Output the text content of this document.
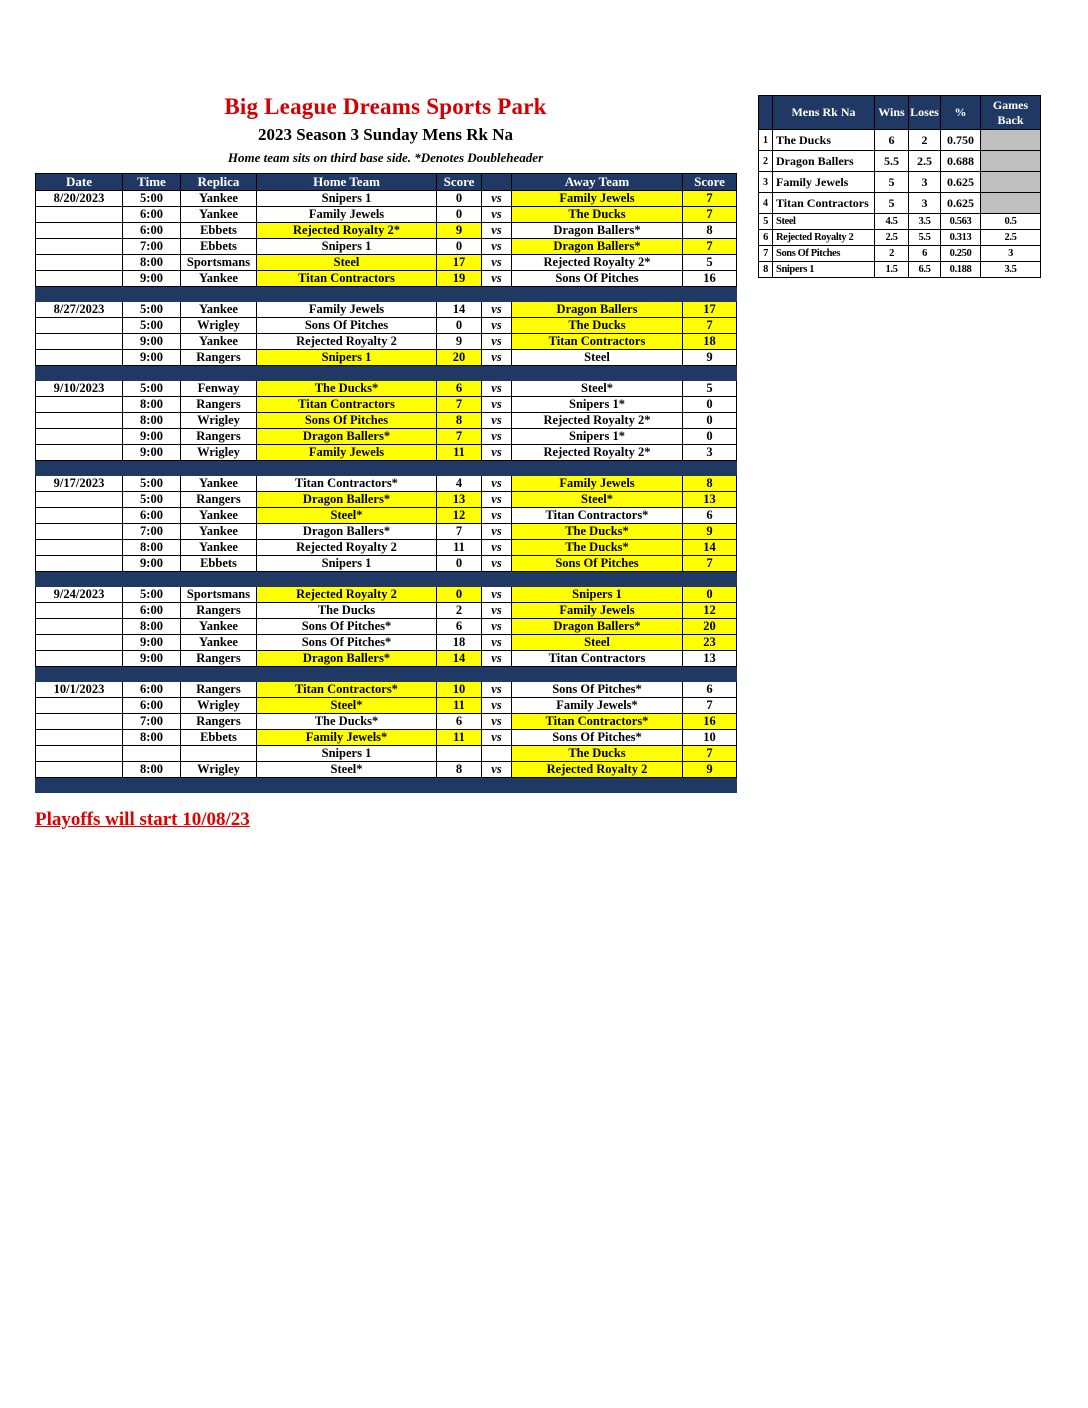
Big League Dreams Sports Park
2023 Season 3 Sunday Mens Rk Na
Home team sits on third base side. *Denotes Doubleheader
Date	Time	Replica	Home Team	Score		Away Team	Score
8/20/2023	5:00	Yankee	Snipers 1	0	vs	Family Jewels	7
	6:00	Yankee	Family Jewels	0	vs	The Ducks	7
	6:00	Ebbets	Rejected Royalty 2*	9	vs	Dragon Ballers*	8
	7:00	Ebbets	Snipers 1	0	vs	Dragon Ballers*	7
	8:00	Sportsmans	Steel	17	vs	Rejected Royalty 2*	5
	9:00	Yankee	Titan Contractors	19	vs	Sons Of Pitches	16

8/27/2023	5:00	Yankee	Family Jewels	14	vs	Dragon Ballers	17
	5:00	Wrigley	Sons Of Pitches	0	vs	The Ducks	7
	9:00	Yankee	Rejected Royalty 2	9	vs	Titan Contractors	18
	9:00	Rangers	Snipers 1	20	vs	Steel	9

9/10/2023	5:00	Fenway	The Ducks*	6	vs	Steel*	5
	8:00	Rangers	Titan Contractors	7	vs	Snipers 1*	0
	8:00	Wrigley	Sons Of Pitches	8	vs	Rejected Royalty 2*	0
	9:00	Rangers	Dragon Ballers*	7	vs	Snipers 1*	0
	9:00	Wrigley	Family Jewels	11	vs	Rejected Royalty 2*	3

9/17/2023	5:00	Yankee	Titan Contractors*	4	vs	Family Jewels	8
	5:00	Rangers	Dragon Ballers*	13	vs	Steel*	13
	6:00	Yankee	Steel*	12	vs	Titan Contractors*	6
	7:00	Yankee	Dragon Ballers*	7	vs	The Ducks*	9
	8:00	Yankee	Rejected Royalty 2	11	vs	The Ducks*	14
	9:00	Ebbets	Snipers 1	0	vs	Sons Of Pitches	7

9/24/2023	5:00	Sportsmans	Rejected Royalty 2	0	vs	Snipers 1	0
	6:00	Rangers	The Ducks	2	vs	Family Jewels	12
	8:00	Yankee	Sons Of Pitches*	6	vs	Dragon Ballers*	20
	9:00	Yankee	Sons Of Pitches*	18	vs	Steel	23
	9:00	Rangers	Dragon Ballers*	14	vs	Titan Contractors	13

10/1/2023	6:00	Rangers	Titan Contractors*	10	vs	Sons Of Pitches*	6
	6:00	Wrigley	Steel*	11	vs	Family Jewels*	7
	7:00	Rangers	The Ducks*	6	vs	Titan Contractors*	16
	8:00	Ebbets	Family Jewels*	11	vs	Sons Of Pitches*	10
			Snipers 1			The Ducks	7
	8:00	Wrigley	Steel*	8	vs	Rejected Royalty 2	9

Playoffs will start 10/08/23
	Mens Rk Na	Wins	Loses	%	Games Back
1	The Ducks	6	2	0.750	
2	Dragon Ballers	5.5	2.5	0.688	
3	Family Jewels	5	3	0.625	
4	Titan Contractors	5	3	0.625	
5	Steel	4.5	3.5	0.563	0.5
6	Rejected Royalty 2	2.5	5.5	0.313	2.5
7	Sons Of Pitches	2	6	0.250	3
8	Snipers 1	1.5	6.5	0.188	3.5
